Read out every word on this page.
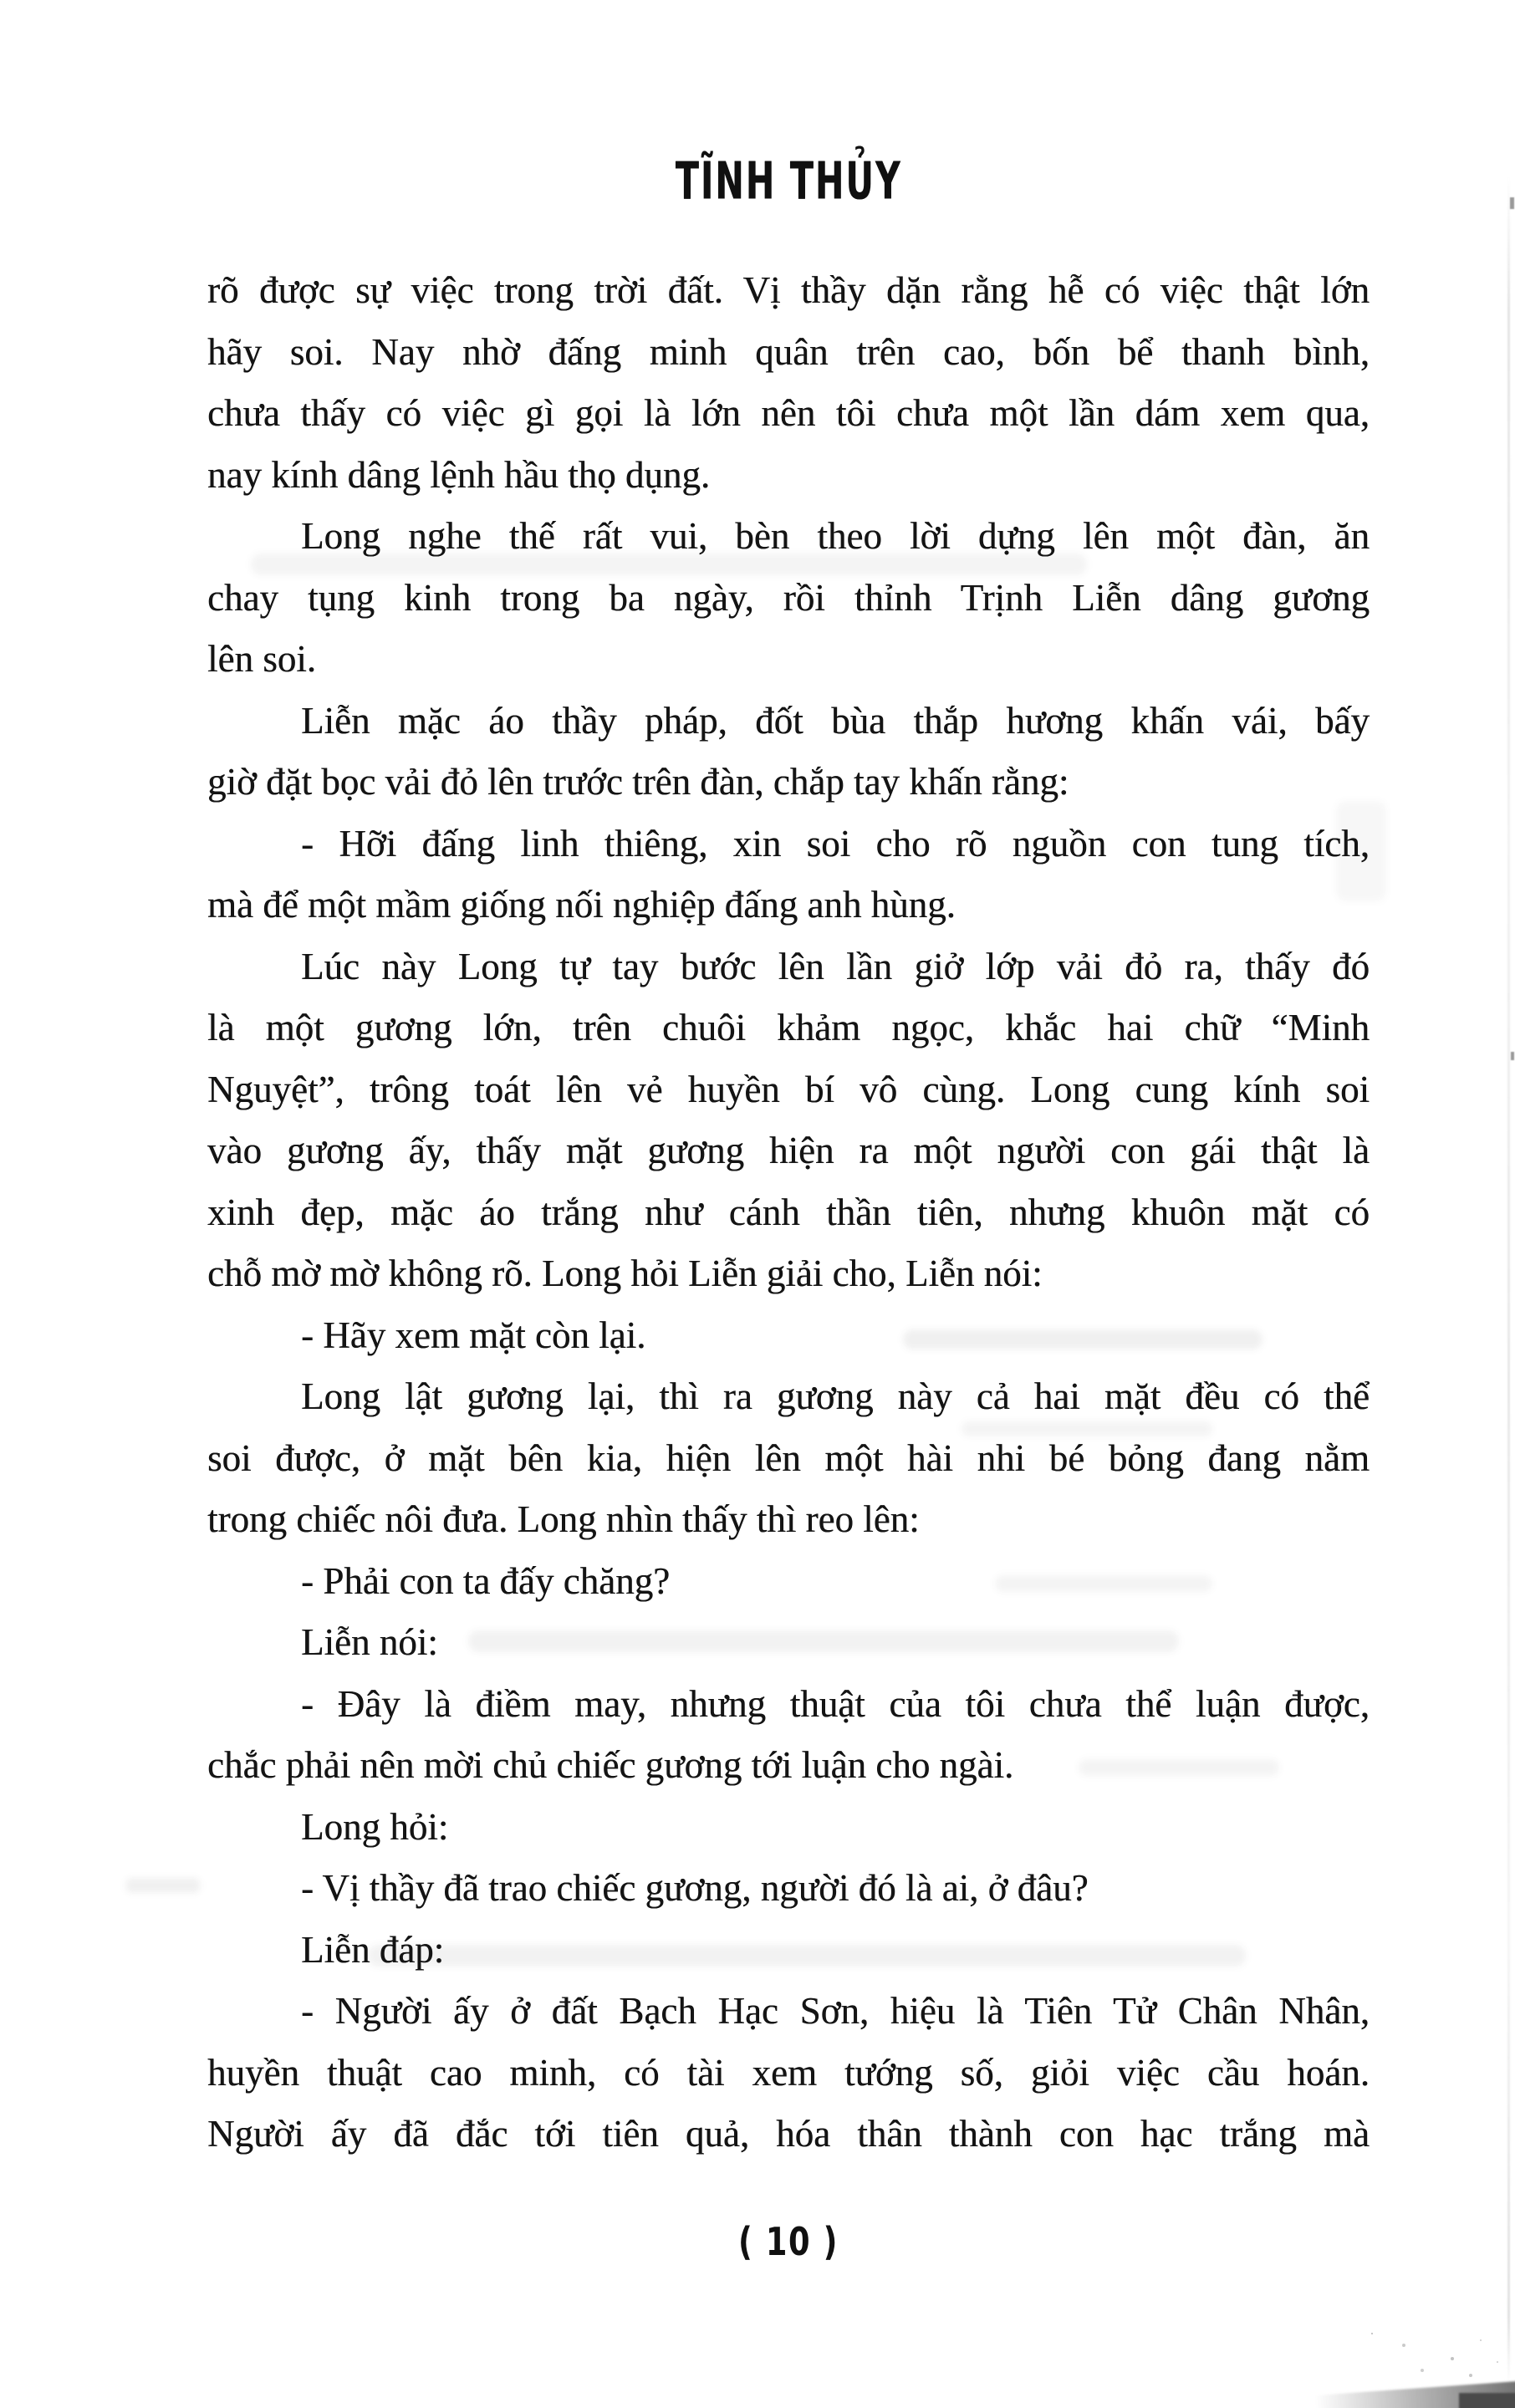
TĨNH THỦY
rõ được sự việc trong trời đất. Vị thầy dặn rằng hễ có việc thật lớn
hãy soi. Nay nhờ đấng minh quân trên cao, bốn bể thanh bình,
chưa thấy có việc gì gọi là lớn nên tôi chưa một lần dám xem qua,
nay kính dâng lệnh hầu thọ dụng.
Long nghe thế rất vui, bèn theo lời dựng lên một đàn, ăn
chay tụng kinh trong ba ngày, rồi thỉnh Trịnh Liễn dâng gương
lên soi.
Liễn mặc áo thầy pháp, đốt bùa thắp hương khấn vái, bấy
giờ đặt bọc vải đỏ lên trước trên đàn, chắp tay khấn rằng:
- Hỡi đấng linh thiêng, xin soi cho rõ nguồn con tung tích,
mà để một mầm giống nối nghiệp đấng anh hùng.
Lúc này Long tự tay bước lên lần giở lớp vải đỏ ra, thấy đó
là một gương lớn, trên chuôi khảm ngọc, khắc hai chữ “Minh
Nguyệt”, trông toát lên vẻ huyền bí vô cùng. Long cung kính soi
vào gương ấy, thấy mặt gương hiện ra một người con gái thật là
xinh đẹp, mặc áo trắng như cánh thần tiên, nhưng khuôn mặt có
chỗ mờ mờ không rõ. Long hỏi Liễn giải cho, Liễn nói:
- Hãy xem mặt còn lại.
Long lật gương lại, thì ra gương này cả hai mặt đều có thể
soi được, ở mặt bên kia, hiện lên một hài nhi bé bỏng đang nằm
trong chiếc nôi đưa. Long nhìn thấy thì reo lên:
- Phải con ta đấy chăng?
Liễn nói:
- Đây là điềm may, nhưng thuật của tôi chưa thể luận được,
chắc phải nên mời chủ chiếc gương tới luận cho ngài.
Long hỏi:
- Vị thầy đã trao chiếc gương, người đó là ai, ở đâu?
Liễn đáp:
- Người ấy ở đất Bạch Hạc Sơn, hiệu là Tiên Tử Chân Nhân,
huyền thuật cao minh, có tài xem tướng số, giỏi việc cầu hoán.
Người ấy đã đắc tới tiên quả, hóa thân thành con hạc trắng mà
( 10 )
